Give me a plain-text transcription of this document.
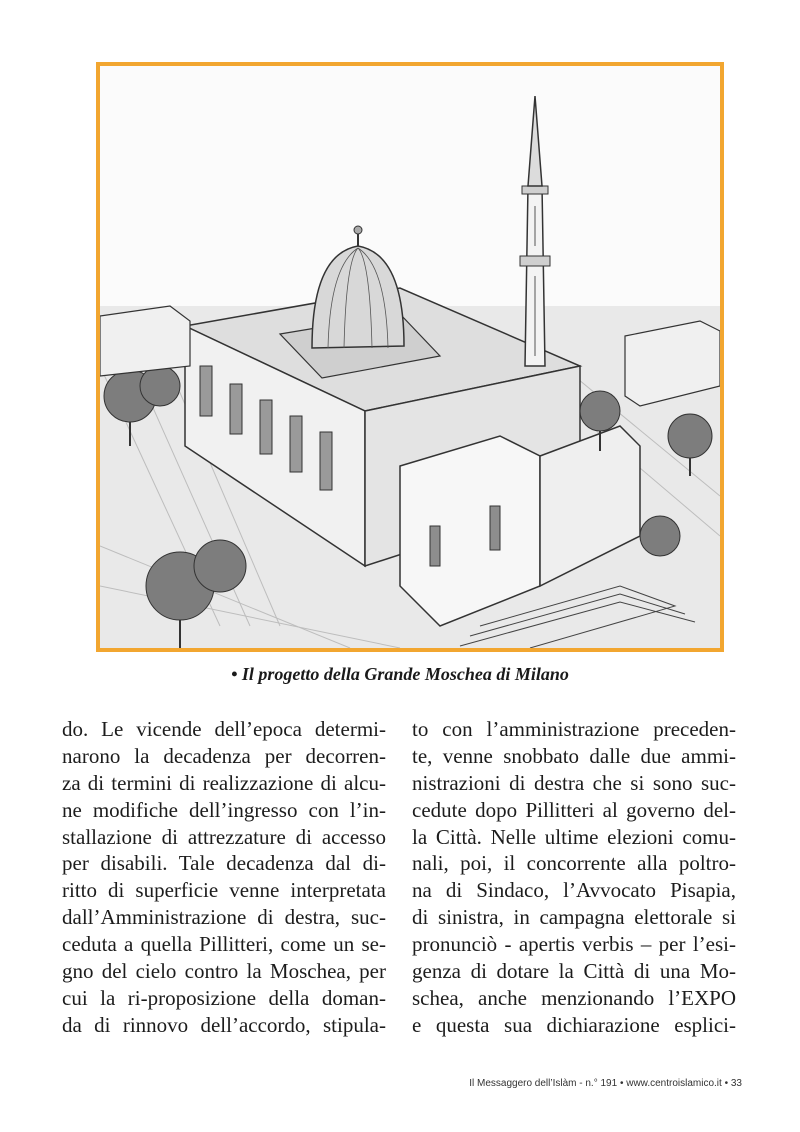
• Il progetto della Grande Moschea di Milano
do. Le vicende dell’epoca determi-
narono la decadenza per decorren-
za di termini di realizzazione di alcu-
ne modifiche dell’ingresso con l’in-
stallazione di attrezzature di accesso
per disabili. Tale decadenza dal di-
ritto di superficie venne interpretata
dall’Amministrazione di destra, suc-
ceduta a quella Pillitteri, come un se-
gno del cielo contro la Moschea, per
cui la ri-proposizione della doman-
da di rinnovo dell’accordo, stipula-
to con l’amministrazione preceden-
te, venne snobbato dalle due ammi-
nistrazioni di destra che si sono suc-
cedute dopo Pillitteri al governo del-
la Città. Nelle ultime elezioni comu-
nali, poi, il concorrente alla poltro-
na di Sindaco, l’Avvocato Pisapia,
di sinistra, in campagna elettorale si
pronunciò - apertis verbis – per l’esi-
genza di dotare la Città di una Mo-
schea, anche menzionando l’EXPO
e questa sua dichiarazione esplici-
Il Messaggero dell’Islàm - n.° 191 • www.centroislamico.it • 33
